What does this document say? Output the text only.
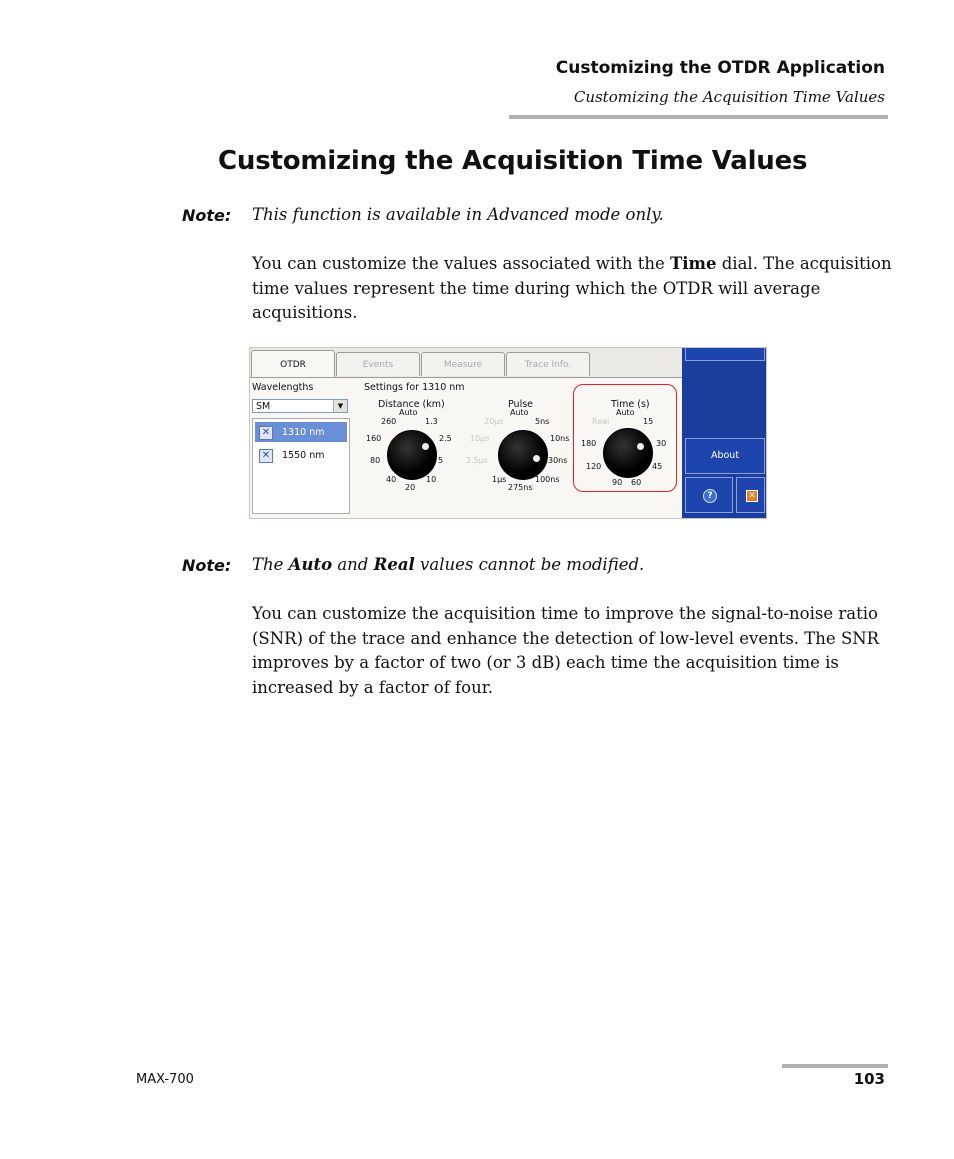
Customizing the OTDR Application
Customizing the Acquisition Time Values
Customizing the Acquisition Time Values
Note: This function is available in Advanced mode only.
You can customize the values associated with the Time dial. The acquisition time values represent the time during which the OTDR will average acquisitions.
OTDR	Events	Measure	Trace Info.
Wavelengths
SM	▼
✕ 1310 nm
✕ 1550 nm
Settings for 1310 nm
Distance (km)
Auto
260	1.3
160	2.5
80	5
40
20
10
Pulse
Auto
20µs	5ns
10µs	10ns
2.5µs	30ns
1µs
275ns
100ns
Time (s)
Auto
Real	15
180	30
120	45
90 60
About
?	✕
Note: The Auto and Real values cannot be modified.
You can customize the acquisition time to improve the signal-to-noise ratio (SNR) of the trace and enhance the detection of low-level events. The SNR improves by a factor of two (or 3 dB) each time the acquisition time is increased by a factor of four.
MAX-700	103
